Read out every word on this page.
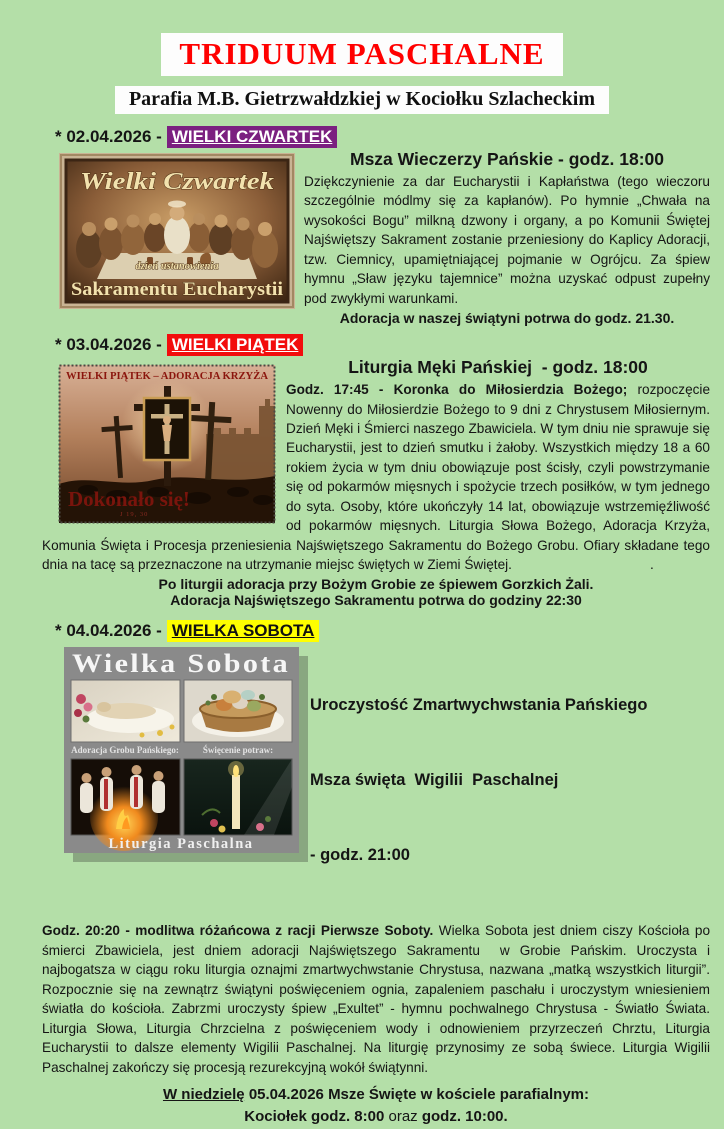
TRIDUUM PASCHALNE
Parafia M.B. Gietrzwałdzkiej w Kociołku Szlacheckim
* 02.04.2026 - WIELKI CZWARTEK
Wielki Czwartek
dzień ustanowienia
Sakramentu Eucharystii
Msza Wieczerzy Pańskie - godz. 18:00

Dziękczynienie za dar Eucharystii i Kapłaństwa (tego wieczoru szczególnie módlmy się za kapłanów). Po hymnie „Chwała na wysokości Bogu” milkną dzwony i organy, a po Komunii Świętej Najświętszy Sakrament zostanie przeniesiony do Kaplicy Adoracji, tzw. Ciemnicy, upamiętniającej pojmanie w Ogrójcu. Za śpiew hymnu „Sław języku tajemnice” można uzyskać odpust zupełny pod zwykłymi warunkami.

Adoracja w naszej świątyni potrwa do godz. 21.30.

* 03.04.2026 - WIELKI PIĄTEK
WIELKI PIĄTEK – ADORACJA KRZYŻA
Dokonało się!
J 19, 30
Liturgia Męki Pańskiej  - godz. 18:00

Godz. 17:45 - Koronka do Miłosierdzia Bożego; rozpoczęcie Nowenny do Miłosierdzie Bożego to 9 dni z Chrystusem Miłosiernym.   Dzień Męki i Śmierci naszego Zbawiciela. W tym dniu nie sprawuje się Eucharystii, jest to dzień smutku i żałoby. Wszystkich między 18 a 60 rokiem życia w tym dniu obowiązuje post ścisły, czyli powstrzymanie się od pokarmów mięsnych i spożycie trzech posiłków, w tym jednego do syta. Osoby, które ukończyły 14 lat, obowiązuje wstrzemięźliwość od pokarmów mięsnych. Liturgia Słowa Bożego, Adoracja Krzyża, Komunia Święta i Procesja przeniesienia Najświętszego Sakramentu do Bożego Grobu. Ofiary składane tego dnia na tacę są przeznaczone na utrzymanie miejsc świętych w Ziemi Świętej.	.

Po liturgii adoracja przy Bożym Grobie ze śpiewem Gorzkich Żali.

Adoracja Najświętszego Sakramentu potrwa do godziny 22:30

* 04.04.2026 - WIELKA SOBOTA
Wielka Sobota
Adoracja Grobu Pańskiego:	Święcenie potraw:
Liturgia Paschalna

Uroczystość Zmartwychwstania Pańskiego

Msza święta  Wigilii  Paschalnej

- godz. 21:00

Godz. 20:20 - modlitwa różańcowa z racji Pierwsze Soboty. Wielka Sobota jest dniem ciszy Kościoła po śmierci Zbawiciela, jest dniem adoracji Najświętszego Sakramentu  w Grobie Pańskim. Uroczysta i najbogatsza w ciągu roku liturgia oznajmi zmartwychwstanie Chrystusa, nazwana „matką wszystkich liturgii”. Rozpocznie się na zewnątrz świątyni poświęceniem ognia, zapaleniem paschału i uroczystym wniesieniem światła do kościoła. Zabrzmi uroczysty śpiew „Exultet” - hymnu pochwalnego Chrystusa - Światło Świata. Liturgia Słowa, Liturgia Chrzcielna z poświęceniem wody i odnowieniem przyrzeczeń Chrztu, Liturgia Eucharystii to dalsze elementy Wigilii Paschalnej. Na liturgię przynosimy ze sobą świece. Liturgia Wigilii Paschalnej zakończy się procesją rezurekcyjną wokół świątynni.

W niedzielę 05.04.2026 Msze Święte w kościele parafialnym:
Kociołek godz. 8:00 oraz godz. 10:00.
